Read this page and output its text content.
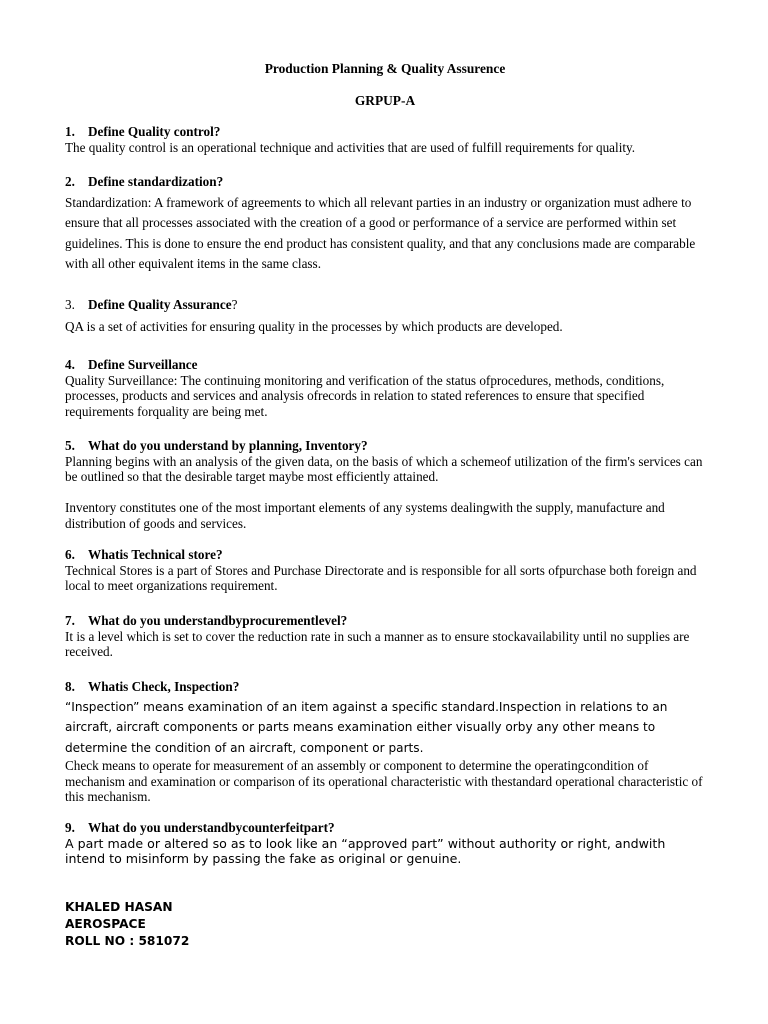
Production Planning & Quality Assurence
GRPUP-A
1. Define Quality control?
The quality control is an operational technique and activities that are used of fulfill requirements for quality.
2. Define standardization?
Standardization: A framework of agreements to which all relevant parties in an industry or organization must adhere to ensure that all processes associated with the creation of a good or performance of a service are performed within set guidelines. This is done to ensure the end product has consistent quality, and that any conclusions made are comparable with all other equivalent items in the same class.
3. Define Quality Assurance?
QA is a set of activities for ensuring quality in the processes by which products are developed.
4. Define Surveillance
Quality Surveillance: The continuing monitoring and verification of the status ofprocedures, methods, conditions, processes, products and services and analysis ofrecords in relation to stated references to ensure that specified requirements forquality are being met.
5. What do you understand by planning, Inventory?
Planning begins with an analysis of the given data, on the basis of which a schemeof utilization of the firm's services can be outlined so that the desirable target maybe most efficiently attained.
Inventory constitutes one of the most important elements of any systems dealingwith the supply, manufacture and distribution of goods and services.
6. Whatis Technical store?
Technical Stores is a part of Stores and Purchase Directorate and is responsible for all sorts ofpurchase both foreign and local to meet organizations requirement.
7. What do you understandbyprocurementlevel?
It is a level which is set to cover the reduction rate in such a manner as to ensure stockavailability until no supplies are received.
8. Whatis Check, Inspection?
“Inspection” means examination of an item against a specific standard.Inspection in relations to an aircraft, aircraft components or parts means examination either visually orby any other means to determine the condition of an aircraft, component or parts.
Check means to operate for measurement of an assembly or component to determine the operatingcondition of mechanism and examination or comparison of its operational characteristic with thestandard operational characteristic of this mechanism.
9. What do you understandbycounterfeitpart?
A part made or altered so as to look like an “approved part” without authority or right, andwith intend to misinform by passing the fake as original or genuine.
KHALED HASAN
AEROSPACE
ROLL NO : 581072
